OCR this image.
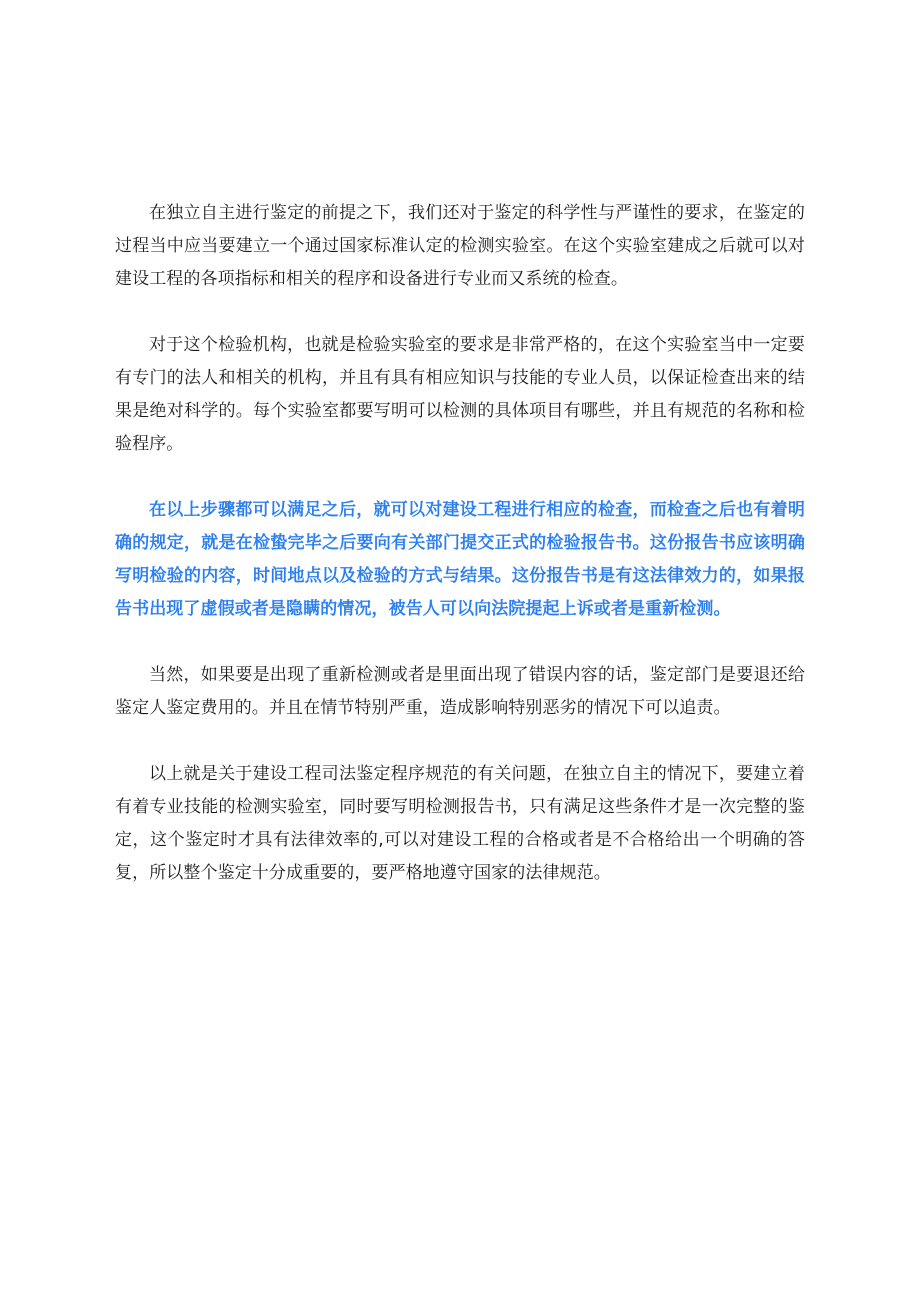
在独立自主进行鉴定的前提之下，我们还对于鉴定的科学性与严谨性的要求，在鉴定的过程当中应当要建立一个通过国家标准认定的检测实验室。在这个实验室建成之后就可以对建设工程的各项指标和相关的程序和设备进行专业而又系统的检查。

对于这个检验机构，也就是检验实验室的要求是非常严格的，在这个实验室当中一定要有专门的法人和相关的机构，并且有具有相应知识与技能的专业人员，以保证检查出来的结果是绝对科学的。每个实验室都要写明可以检测的具体项目有哪些，并且有规范的名称和检验程序。

在以上步骤都可以满足之后，就可以对建设工程进行相应的检查，而检查之后也有着明确的规定，就是在检蛰完毕之后要向有关部门提交正式的检验报告书。这份报告书应该明确写明检验的内容，时间地点以及检验的方式与结果。这份报告书是有这法律效力的，如果报告书出现了虚假或者是隐瞒的情况，被告人可以向法院提起上诉或者是重新检测。

当然，如果要是出现了重新检测或者是里面出现了错误内容的话，鉴定部门是要退还给鉴定人鉴定费用的。并且在情节特别严重，造成影响特别恶劣的情况下可以追责。

以上就是关于建设工程司法鉴定程序规范的有关问题，在独立自主的情况下，要建立着有着专业技能的检测实验室，同时要写明检测报告书，只有满足这些条件才是一次完整的鉴定，这个鉴定时才具有法律效率的,可以对建设工程的合格或者是不合格给出一个明确的答复，所以整个鉴定十分成重要的，要严格地遵守国家的法律规范。
